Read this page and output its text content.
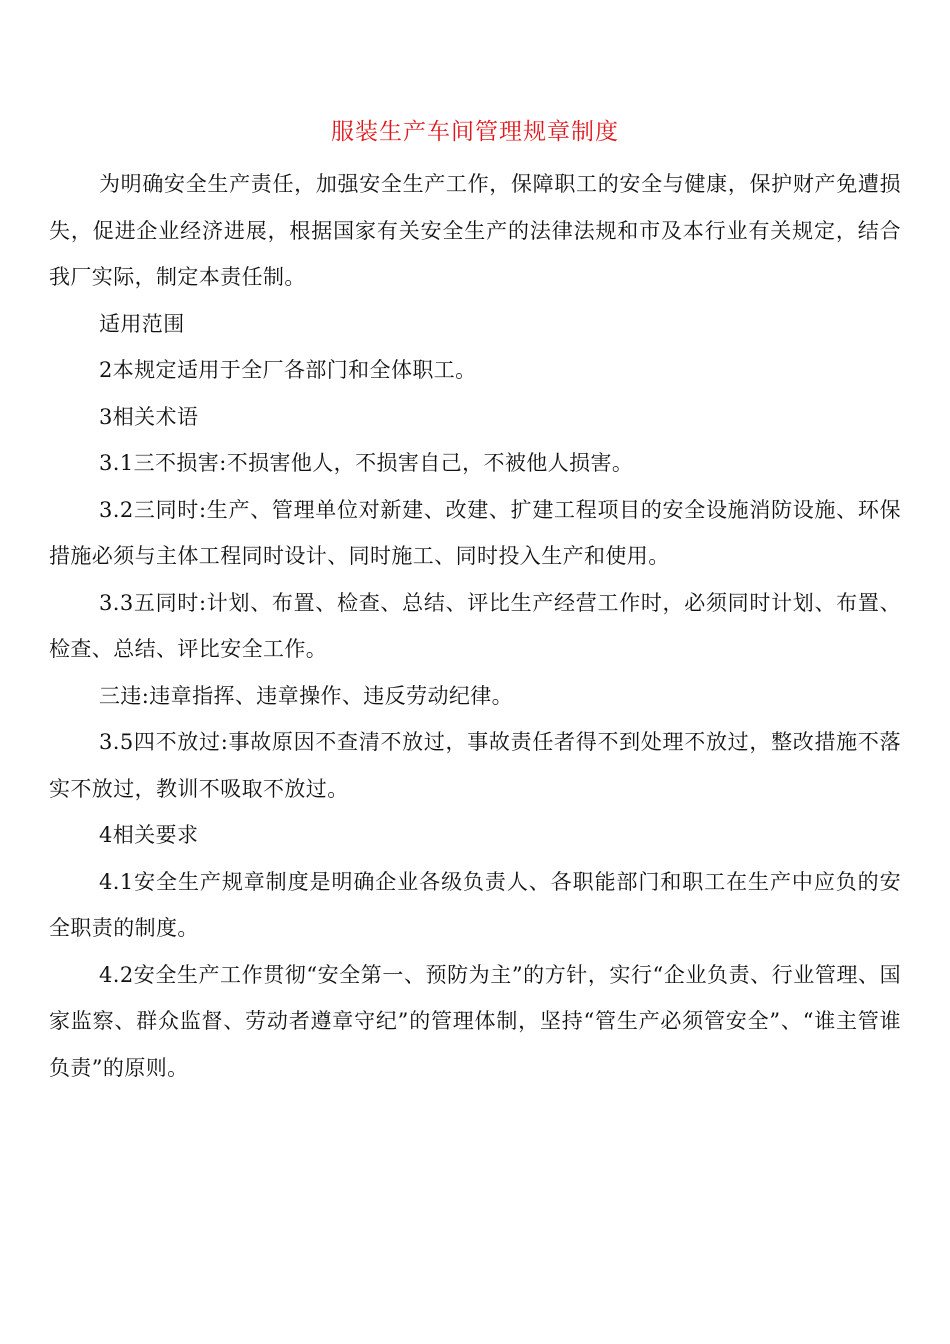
服装生产车间管理规章制度

为明确安全生产责任，加强安全生产工作，保障职工的安全与健康，保护财产免遭损失，促进企业经济进展，根据国家有关安全生产的法律法规和市及本行业有关规定，结合我厂实际，制定本责任制。

适用范围

2本规定适用于全厂各部门和全体职工。

3相关术语

3.1三不损害:不损害他人，不损害自己，不被他人损害。

3.2三同时:生产、管理单位对新建、改建、扩建工程项目的安全设施消防设施、环保措施必须与主体工程同时设计、同时施工、同时投入生产和使用。

3.3五同时:计划、布置、检查、总结、评比生产经营工作时，必须同时计划、布置、检查、总结、评比安全工作。

三违:违章指挥、违章操作、违反劳动纪律。

3.5四不放过:事故原因不查清不放过，事故责任者得不到处理不放过，整改措施不落实不放过，教训不吸取不放过。

4相关要求

4.1安全生产规章制度是明确企业各级负责人、各职能部门和职工在生产中应负的安全职责的制度。

4.2安全生产工作贯彻“安全第一、预防为主”的方针，实行“企业负责、行业管理、国家监察、群众监督、劳动者遵章守纪”的管理体制，坚持“管生产必须管安全”、“谁主管谁负责”的原则。
